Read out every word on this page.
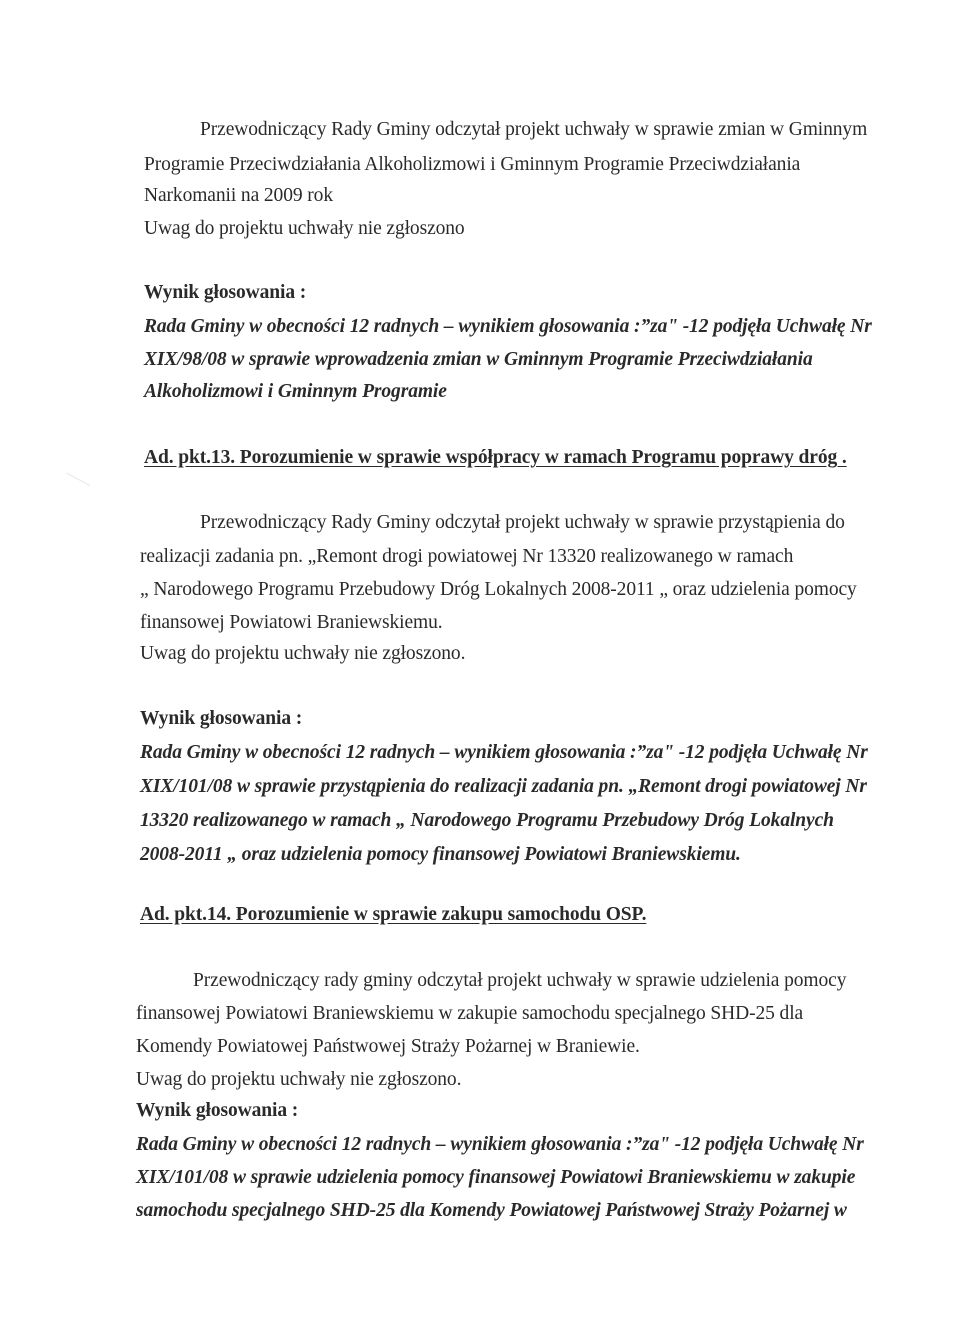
Przewodniczący Rady Gminy odczytał projekt uchwały w sprawie zmian w Gminnym
Programie Przeciwdziałania Alkoholizmowi i Gminnym Programie Przeciwdziałania
Narkomanii na 2009 rok
Uwag do projektu uchwały nie zgłoszono
Wynik głosowania :
Rada Gminy w obecności 12 radnych – wynikiem głosowania :”za" -12 podjęła Uchwałę Nr
XIX/98/08 w sprawie wprowadzenia zmian w Gminnym Programie Przeciwdziałania
Alkoholizmowi i Gminnym Programie
Ad. pkt.13. Porozumienie w sprawie współpracy w ramach Programu poprawy dróg .
Przewodniczący Rady Gminy odczytał projekt uchwały w sprawie przystąpienia do
realizacji zadania pn. „Remont drogi powiatowej Nr 13320 realizowanego w ramach
„ Narodowego Programu Przebudowy Dróg Lokalnych 2008-2011 „ oraz udzielenia pomocy
finansowej Powiatowi Braniewskiemu.
Uwag do projektu uchwały nie zgłoszono.
Wynik głosowania :
Rada Gminy w obecności 12 radnych – wynikiem głosowania :”za" -12 podjęła Uchwałę Nr
XIX/101/08 w sprawie przystąpienia do realizacji zadania pn. „Remont drogi powiatowej Nr
13320 realizowanego w ramach „ Narodowego Programu Przebudowy Dróg Lokalnych
2008-2011 „ oraz udzielenia pomocy finansowej Powiatowi Braniewskiemu.
Ad. pkt.14. Porozumienie w sprawie zakupu samochodu OSP.
Przewodniczący rady gminy odczytał projekt uchwały w sprawie udzielenia pomocy
finansowej Powiatowi Braniewskiemu w zakupie samochodu specjalnego SHD-25 dla
Komendy Powiatowej Państwowej Straży Pożarnej w Braniewie.
Uwag do projektu uchwały nie zgłoszono.
Wynik głosowania :
Rada Gminy w obecności 12 radnych – wynikiem głosowania :”za" -12 podjęła Uchwałę Nr
XIX/101/08 w sprawie udzielenia pomocy finansowej Powiatowi Braniewskiemu w zakupie
samochodu specjalnego SHD-25 dla Komendy Powiatowej Państwowej Straży Pożarnej w
